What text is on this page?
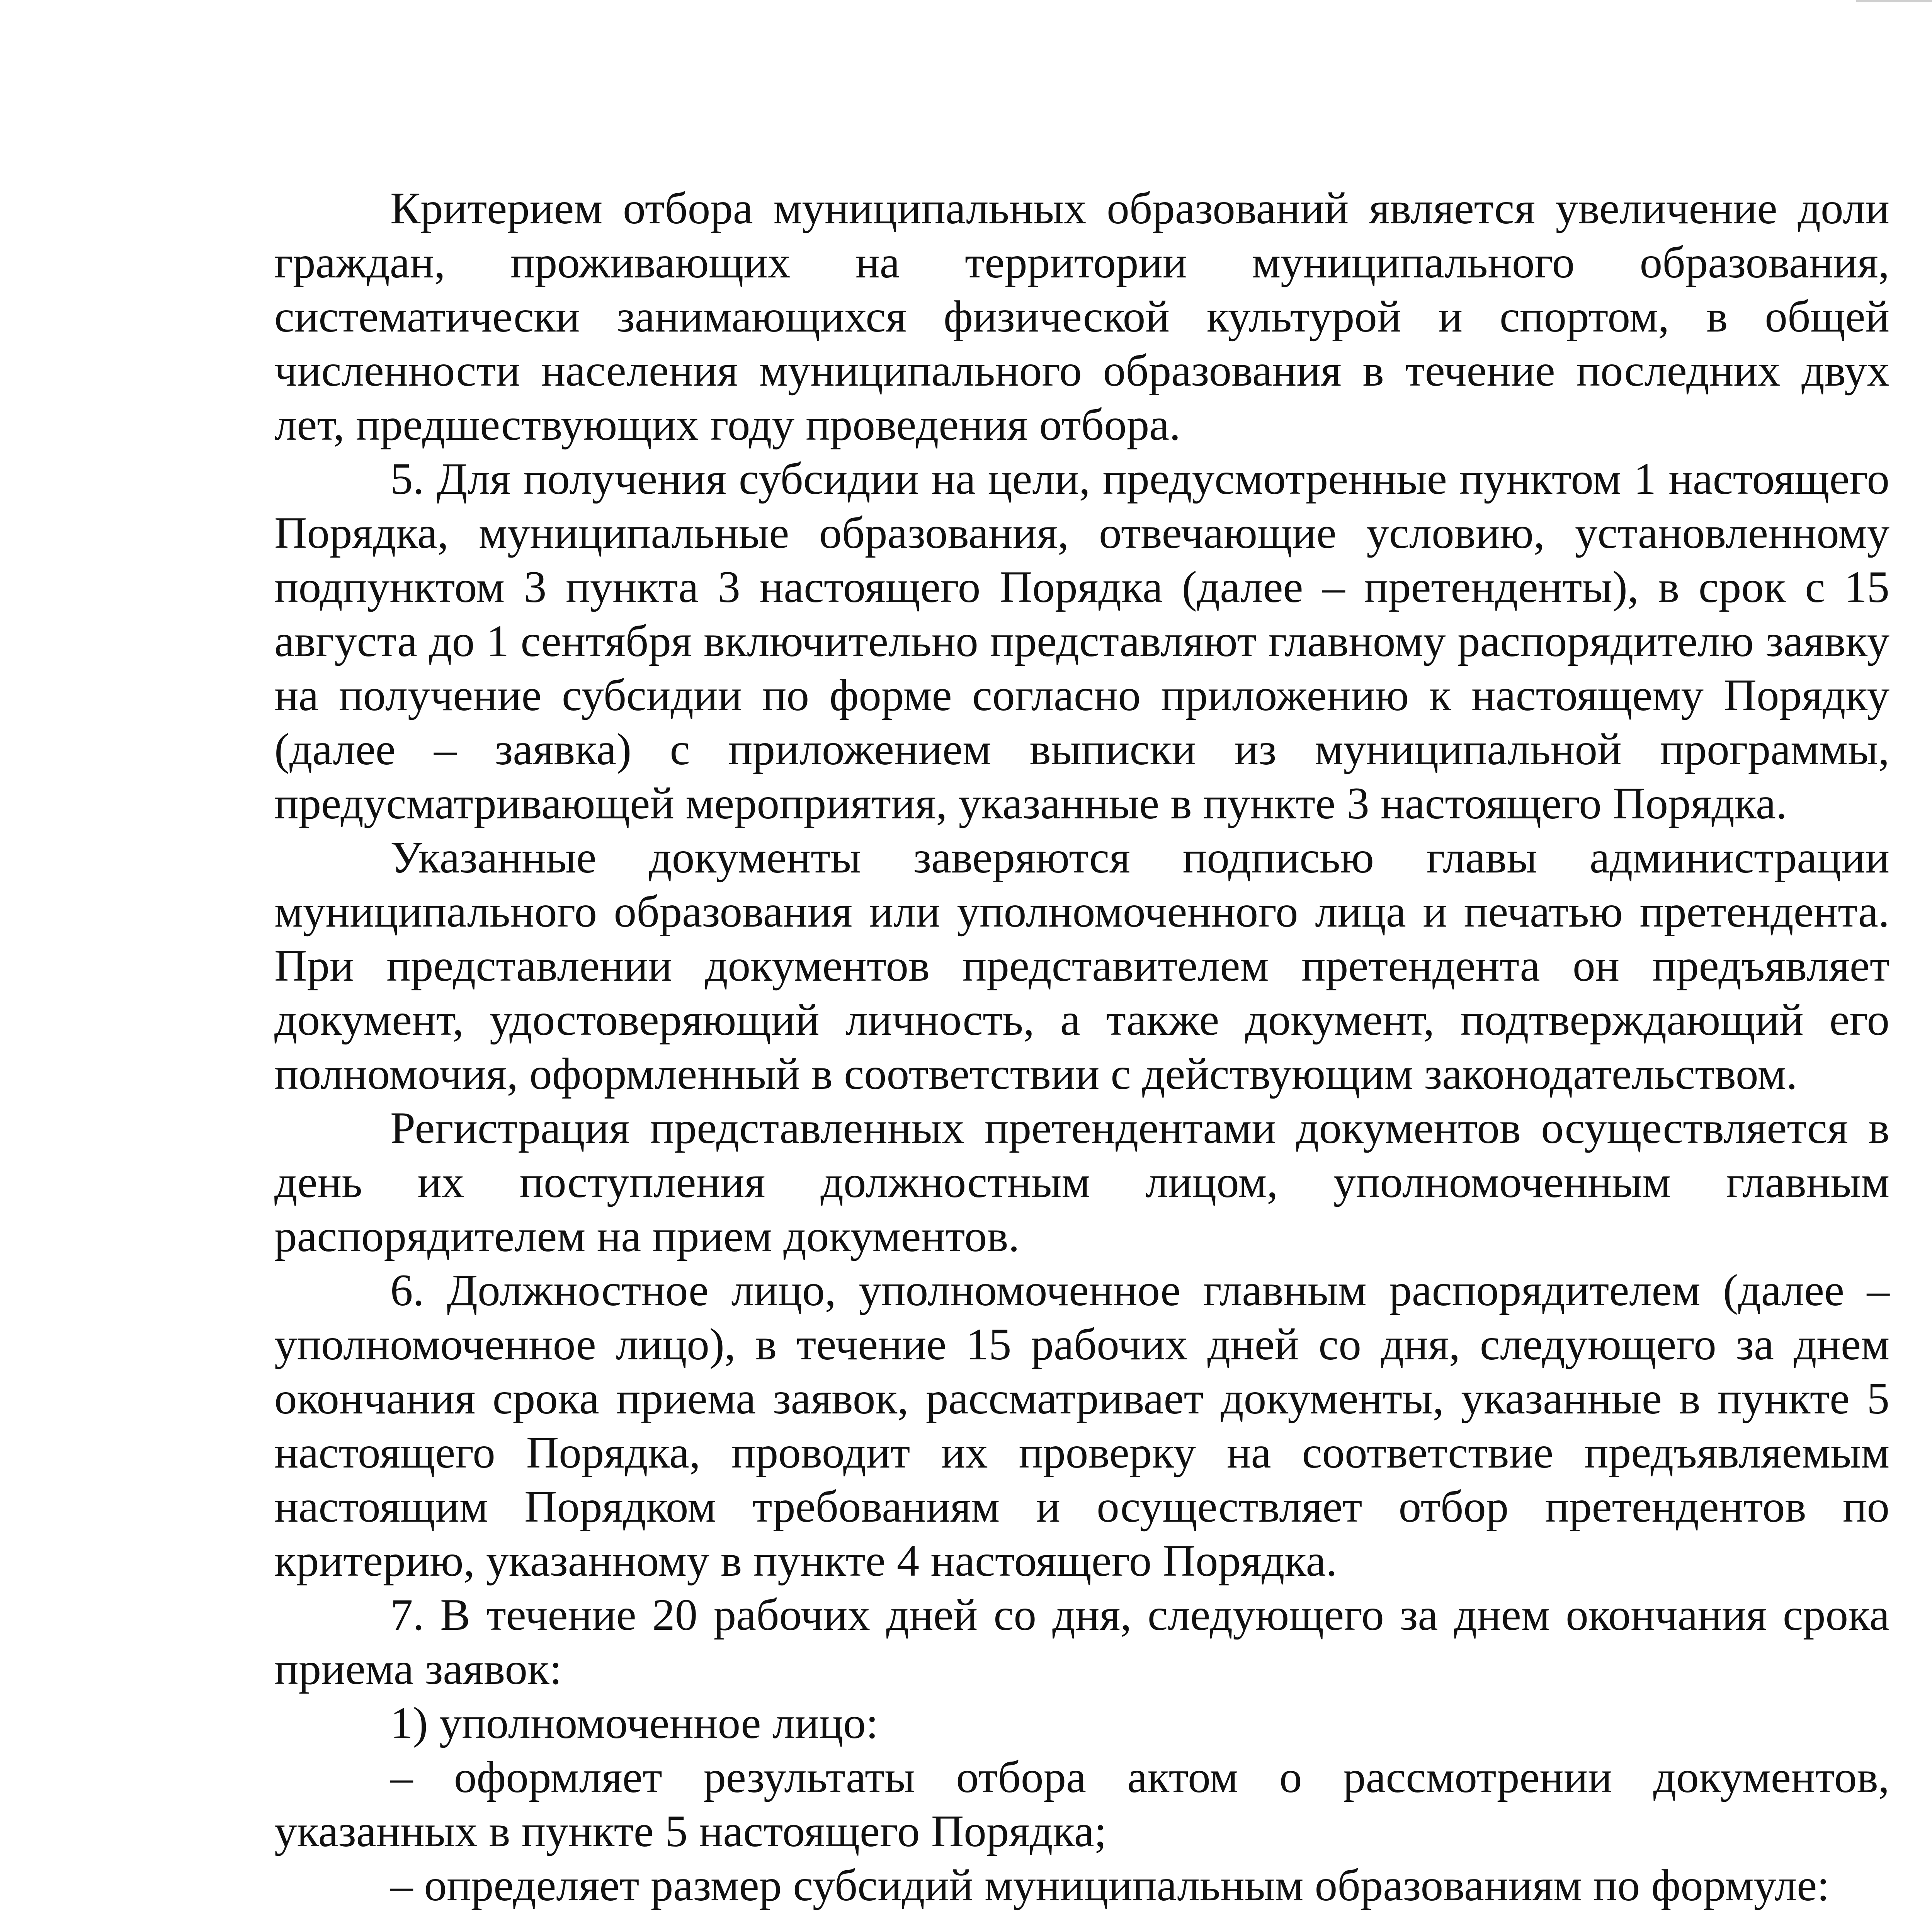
Критерием отбора муниципальных образований является увеличение доли граждан, проживающих на территории муниципального образования, систематически занимающихся физической культурой и спортом, в общей численности населения муниципального образования в течение последних двух лет, предшествующих году проведения отбора.

5. Для получения субсидии на цели, предусмотренные пунктом 1 настоящего Порядка, муниципальные образования, отвечающие условию, установленному подпунктом 3 пункта 3 настоящего Порядка (далее – претенденты), в срок с 15 августа до 1 сентября включительно представляют главному распорядителю заявку на получение субсидии по форме согласно приложению к настоящему Порядку (далее – заявка) с приложением выписки из муниципальной программы, предусматривающей мероприятия, указанные в пункте 3 настоящего Порядка.

Указанные документы заверяются подписью главы администрации муниципального образования или уполномоченного лица и печатью претендента. При представлении документов представителем претендента он предъявляет документ, удостоверяющий личность, а также документ, подтверждающий его полномочия, оформленный в соответствии с действующим законодательством.

Регистрация представленных претендентами документов осуществляется в день их поступления должностным лицом, уполномоченным главным распорядителем на прием документов.

6. Должностное лицо, уполномоченное главным распорядителем (далее – уполномоченное лицо), в течение 15 рабочих дней со дня, следующего за днем окончания срока приема заявок, рассматривает документы, указанные в пункте 5 настоящего Порядка, проводит их проверку на соответствие предъявляемым настоящим Порядком требованиям и осуществляет отбор претендентов по критерию, указанному в пункте 4 настоящего Порядка.

7. В течение 20 рабочих дней со дня, следующего за днем окончания срока приема заявок:

1) уполномоченное лицо:

– оформляет результаты отбора актом о рассмотрении документов, указанных в пункте 5 настоящего Порядка;

– определяет размер субсидий муниципальным образованиям по формуле:
